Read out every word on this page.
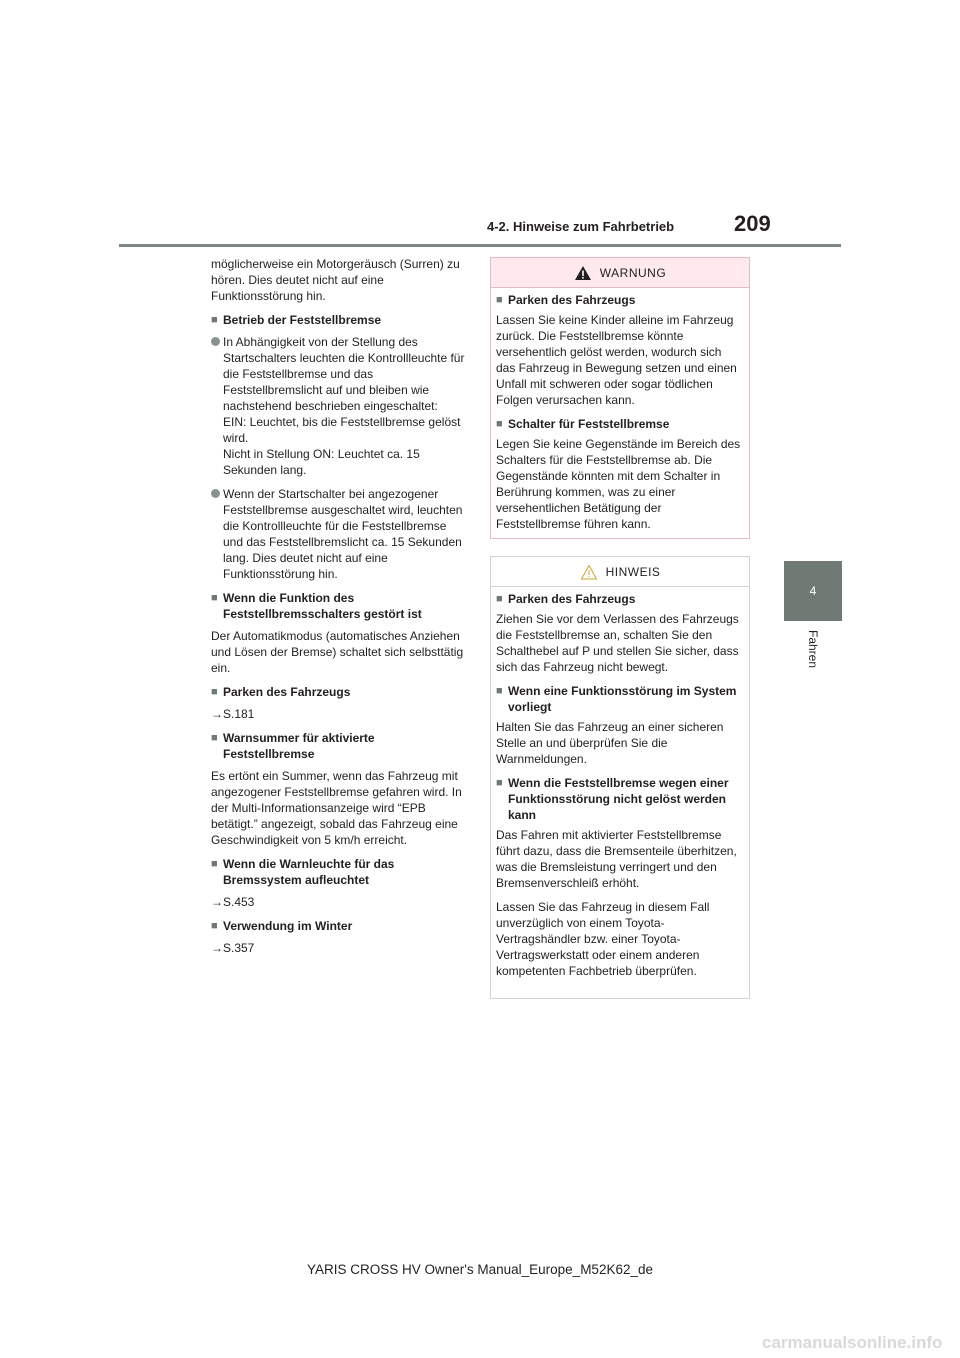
4-2. Hinweise zum Fahrbetrieb	209
4
Fahren

möglicherweise ein Motorgeräusch (Surren) zu hören. Dies deutet nicht auf eine Funktionsstörung hin.

■ Betrieb der Feststellbremse
In Abhängigkeit von der Stellung des Startschalters leuchten die Kontrollleuchte für die Feststellbremse und das Feststellbremslicht auf und bleiben wie nachstehend beschrieben eingeschaltet:
EIN: Leuchtet, bis die Feststellbremse gelöst wird.
Nicht in Stellung ON: Leuchtet ca. 15 Sekunden lang.
Wenn der Startschalter bei angezogener Feststellbremse ausgeschaltet wird, leuchten die Kontrollleuchte für die Feststellbremse und das Feststellbremslicht ca. 15 Sekunden lang. Dies deutet nicht auf eine Funktionsstörung hin.
■ Wenn die Funktion des Feststellbremsschalters gestört ist

Der Automatikmodus (automatisches Anziehen und Lösen der Bremse) schaltet sich selbsttätig ein.

■ Parken des Fahrzeugs
→S.181
■ Warnsummer für aktivierte Feststellbremse

Es ertönt ein Summer, wenn das Fahrzeug mit angezogener Feststellbremse gefahren wird. In der Multi-Informationsanzeige wird “EPB betätigt.” angezeigt, sobald das Fahrzeug eine Geschwindigkeit von 5 km/h erreicht.

■ Wenn die Warnleuchte für das Bremssystem aufleuchtet
→S.453
■ Verwendung im Winter
→S.357
WARNUNG
■ Parken des Fahrzeugs

Lassen Sie keine Kinder alleine im Fahrzeug zurück. Die Feststellbremse könnte versehentlich gelöst werden, wodurch sich das Fahrzeug in Bewegung setzen und einen Unfall mit schweren oder sogar tödlichen Folgen verursachen kann.

■ Schalter für Feststellbremse

Legen Sie keine Gegenstände im Bereich des Schalters für die Feststellbremse ab. Die Gegenstände könnten mit dem Schalter in Berührung kommen, was zu einer versehentlichen Betätigung der Feststellbremse führen kann.

HINWEIS
■ Parken des Fahrzeugs

Ziehen Sie vor dem Verlassen des Fahrzeugs die Feststellbremse an, schalten Sie den Schalthebel auf P und stellen Sie sicher, dass sich das Fahrzeug nicht bewegt.

■ Wenn eine Funktionsstörung im System vorliegt

Halten Sie das Fahrzeug an einer sicheren Stelle an und überprüfen Sie die Warnmeldungen.

■ Wenn die Feststellbremse wegen einer Funktionsstörung nicht gelöst werden kann

Das Fahren mit aktivierter Feststellbremse führt dazu, dass die Bremsenteile überhitzen, was die Bremsleistung verringert und den Bremsenverschleiß erhöht.

Lassen Sie das Fahrzeug in diesem Fall unverzüglich von einem Toyota-Vertragshändler bzw. einer Toyota-Vertragswerkstatt oder einem anderen kompetenten Fachbetrieb überprüfen.

YARIS CROSS HV Owner's Manual_Europe_M52K62_de
carmanualsonline.info
